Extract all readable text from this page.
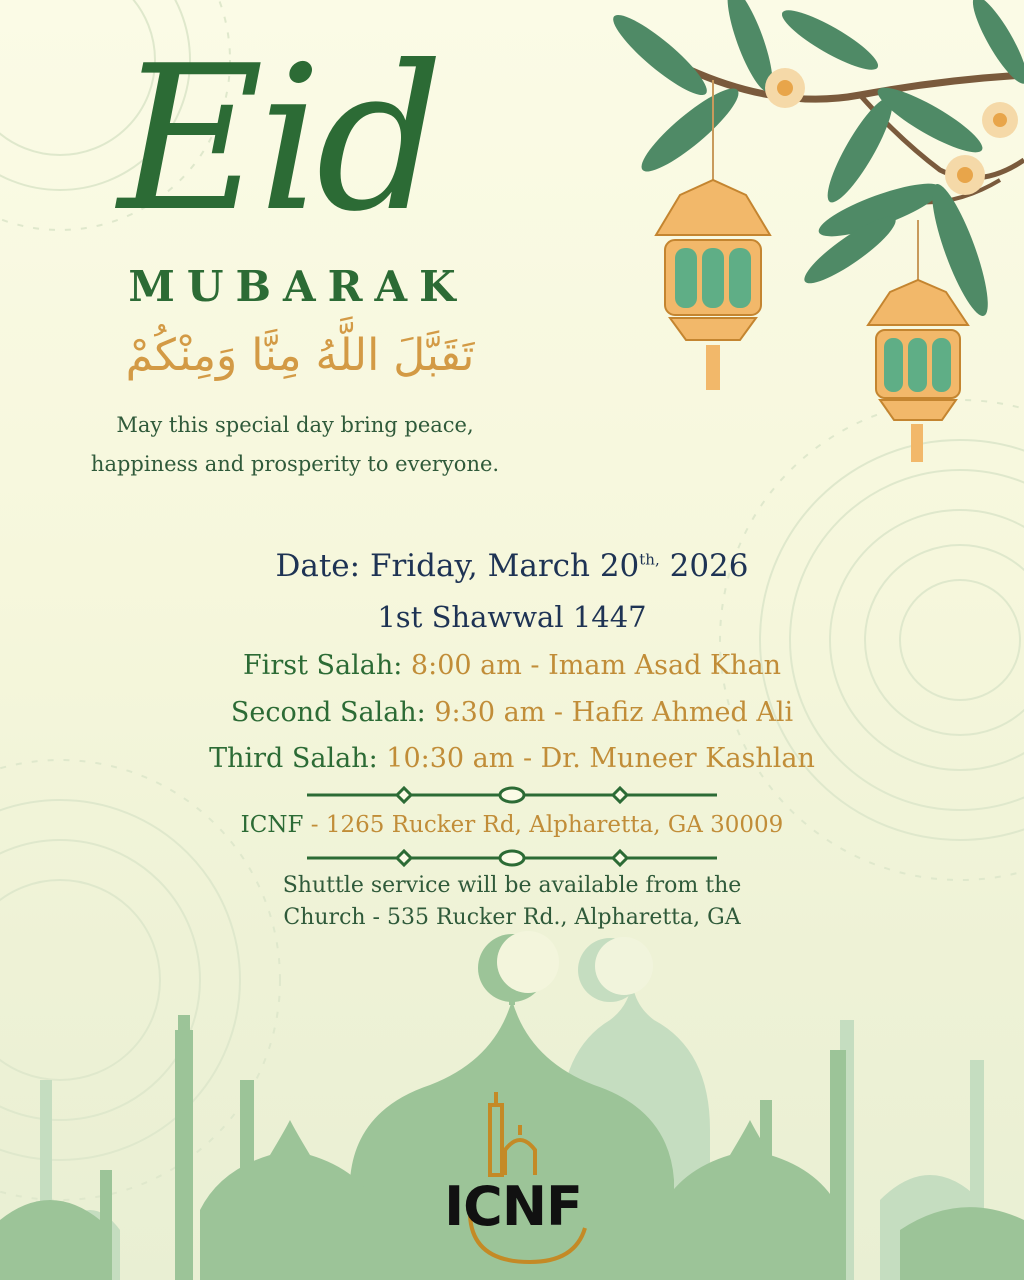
Eid
MUBARAK
تَقَبَّلَ اللَّهُ مِنَّا وَمِنْكُمْ
May this special day bring peace,
happiness and prosperity to everyone.
Date: Friday, March $20^{th,}$ 2026
1st Shawwal 1447
First Salah: 8:00 am - Imam Asad Khan
Second Salah: 9:30 am - Hafiz Ahmed Ali
Third Salah: 10:30 am - Dr. Muneer Kashlan
ICNF - 1265 Rucker Rd, Alpharetta, GA 30009
Shuttle service will be available from the
Church - 535 Rucker Rd., Alpharetta, GA
ICNF
